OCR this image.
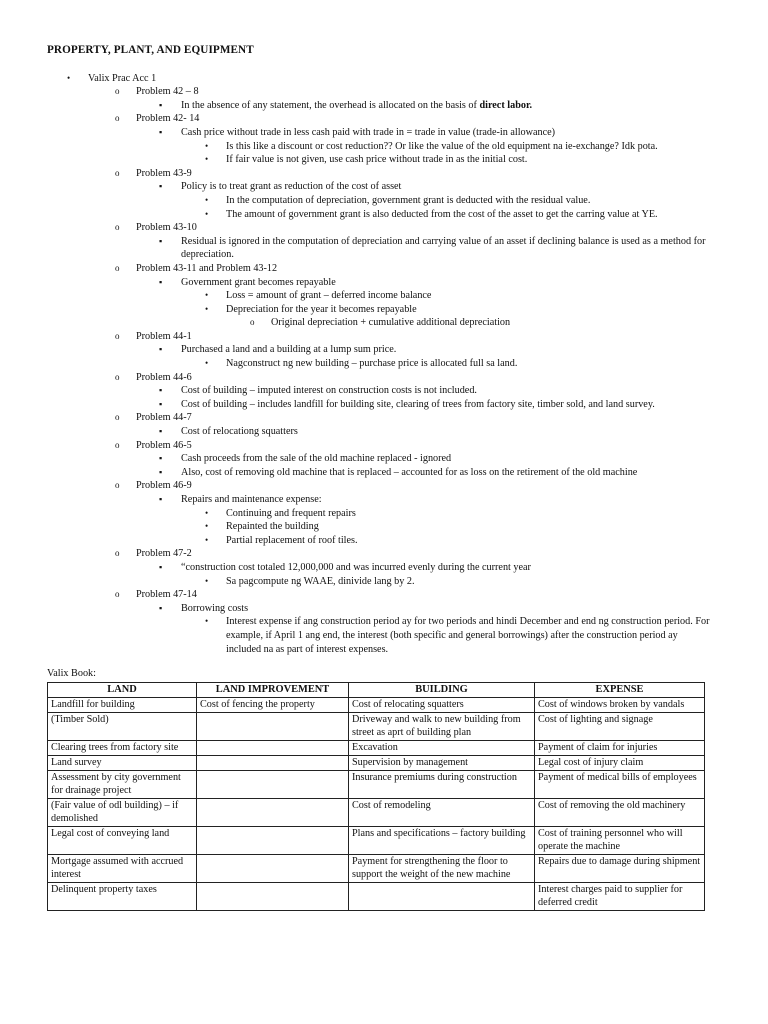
PROPERTY, PLANT, AND EQUIPMENT
• Valix Prac Acc 1
o Problem 42 – 8
▪ In the absence of any statement, the overhead is allocated on the basis of direct labor.
o Problem 42- 14
▪ Cash price without trade in less cash paid with trade in = trade in value (trade-in allowance)
• Is this like a discount or cost reduction?? Or like the value of the old equipment na ie-exchange? Idk pota.
• If fair value is not given, use cash price without trade in as the initial cost.
o Problem 43-9
▪ Policy is to treat grant as reduction of the cost of asset
• In the computation of depreciation, government grant is deducted with the residual value.
• The amount of government grant is also deducted from the cost of the asset to get the carring value at YE.
o Problem 43-10
▪ Residual is ignored in the computation of depreciation and carrying value of an asset if declining balance is used as a method for depreciation.
o Problem 43-11 and Problem 43-12
▪ Government grant becomes repayable
• Loss = amount of grant – deferred income balance
• Depreciation for the year it becomes repayable
o Original depreciation + cumulative additional depreciation
o Problem 44-1
▪ Purchased a land and a building at a lump sum price.
• Nagconstruct ng new building – purchase price is allocated full sa land.
o Problem 44-6
▪ Cost of building – imputed interest on construction costs is not included.
▪ Cost of building – includes landfill for building site, clearing of trees from factory site, timber sold, and land survey.
o Problem 44-7
▪ Cost of relocationg squatters
o Problem 46-5
▪ Cash proceeds from the sale of the old machine replaced - ignored
▪ Also, cost of removing old machine that is replaced – accounted for as loss on the retirement of the old machine
o Problem 46-9
▪ Repairs and maintenance expense:
• Continuing and frequent repairs
• Repainted the building
• Partial replacement of roof tiles.
o Problem 47-2
▪ “construction cost totaled 12,000,000 and was incurred evenly during the current year
• Sa pagcompute ng WAAE, dinivide lang by 2.
o Problem 47-14
▪ Borrowing costs
• Interest expense if ang construction period ay for two periods and hindi December and end ng construction period. For example, if April 1 ang end, the interest (both specific and general borrowings) after the construction period ay included na as part of interest expenses.
Valix Book:
LAND	LAND IMPROVEMENT	BUILDING	EXPENSE
Landfill for building	Cost of fencing the property	Cost of relocating squatters	Cost of windows broken by vandals
(Timber Sold)		Driveway and walk to new building from street as aprt of building plan	Cost of lighting and signage
Clearing trees from factory site		Excavation	Payment of claim for injuries
Land survey		Supervision by management	Legal cost of injury claim
Assessment by city government for drainage project		Insurance premiums during construction	Payment of medical bills of employees
(Fair value of odl building) – if demolished		Cost of remodeling	Cost of removing the old machinery
Legal cost of conveying land		Plans and specifications – factory building	Cost of training personnel who will operate the machine
Mortgage assumed with accrued interest		Payment for strengthening the floor to support the weight of the new machine	Repairs due to damage during shipment
Delinquent property taxes			Interest charges paid to supplier for deferred credit
